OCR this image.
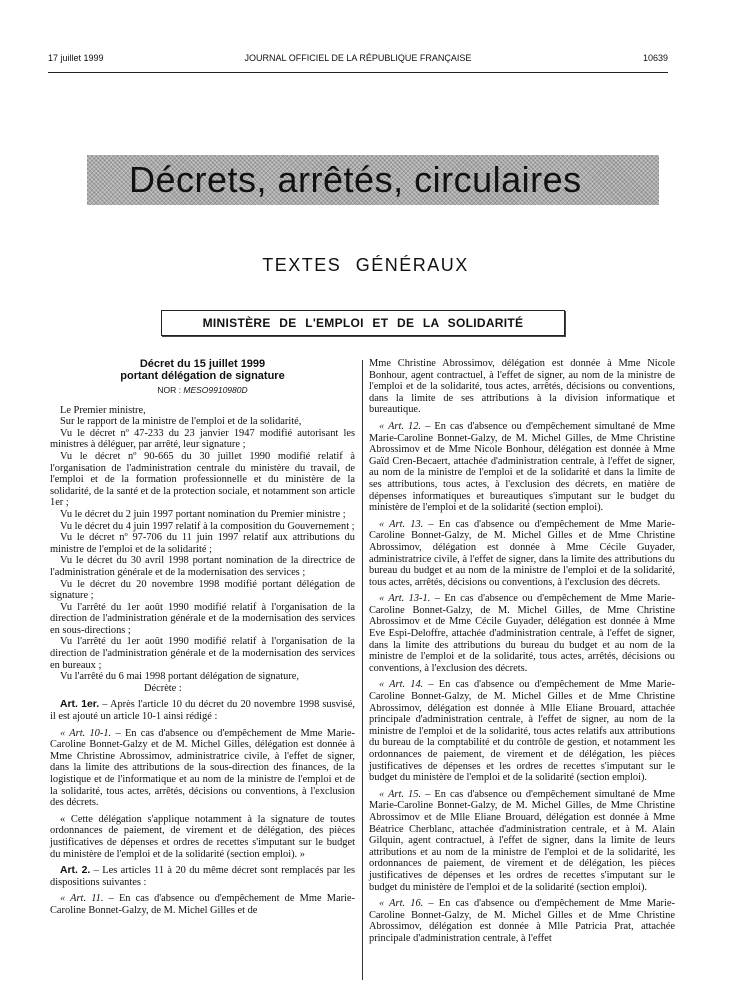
17 juillet 1999	JOURNAL OFFICIEL DE LA RÉPUBLIQUE FRANÇAISE	10639
Décrets, arrêtés, circulaires
TEXTES GÉNÉRAUX
MINISTÈRE DE L'EMPLOI ET DE LA SOLIDARITÉ
Décret du 15 juillet 1999
portant délégation de signature
NOR : MESO9910980D

Le Premier ministre,

Sur le rapport de la ministre de l'emploi et de la solidarité,

Vu le décret nº 47-233 du 23 janvier 1947 modifié autorisant les ministres à déléguer, par arrêté, leur signature ;

Vu le décret nº 90-665 du 30 juillet 1990 modifié relatif à l'organisation de l'administration centrale du ministère du travail, de l'emploi et de la formation professionnelle et du ministère de la solidarité, de la santé et de la protection sociale, et notamment son article 1er ;

Vu le décret du 2 juin 1997 portant nomination du Premier ministre ;

Vu le décret du 4 juin 1997 relatif à la composition du Gouvernement ;

Vu le décret nº 97-706 du 11 juin 1997 relatif aux attributions du ministre de l'emploi et de la solidarité ;

Vu le décret du 30 avril 1998 portant nomination de la directrice de l'administration générale et de la modernisation des services ;

Vu le décret du 20 novembre 1998 modifié portant délégation de signature ;

Vu l'arrêté du 1er août 1990 modifié relatif à l'organisation de la direction de l'administration générale et de la modernisation des services en sous-directions ;

Vu l'arrêté du 1er août 1990 modifié relatif à l'organisation de la direction de l'administration générale et de la modernisation des services en bureaux ;

Vu l'arrêté du 6 mai 1998 portant délégation de signature,

Décrète :

Art. 1er. – Après l'article 10 du décret du 20 novembre 1998 susvisé, il est ajouté un article 10-1 ainsi rédigé :

« Art. 10-1. – En cas d'absence ou d'empêchement de Mme Marie-Caroline Bonnet-Galzy et de M. Michel Gilles, délégation est donnée à Mme Christine Abrossimov, administratrice civile, à l'effet de signer, dans la limite des attributions de la sous-direction des finances, de la logistique et de l'informatique et au nom de la ministre de l'emploi et de la solidarité, tous actes, arrêtés, décisions ou conventions, à l'exclusion des décrets.

« Cette délégation s'applique notamment à la signature de toutes ordonnances de paiement, de virement et de délégation, des pièces justificatives de dépenses et ordres de recettes s'imputant sur le budget du ministère de l'emploi et de la solidarité (section emploi). »

Art. 2. – Les articles 11 à 20 du même décret sont remplacés par les dispositions suivantes :

« Art. 11. – En cas d'absence ou d'empêchement de Mme Marie-Caroline Bonnet-Galzy, de M. Michel Gilles et de

Mme Christine Abrossimov, délégation est donnée à Mme Nicole Bonhour, agent contractuel, à l'effet de signer, au nom de la ministre de l'emploi et de la solidarité, tous actes, arrêtés, décisions ou conventions, dans la limite de ses attributions à la division informatique et bureautique.

« Art. 12. – En cas d'absence ou d'empêchement simultané de Mme Marie-Caroline Bonnet-Galzy, de M. Michel Gilles, de Mme Christine Abrossimov et de Mme Nicole Bonhour, délégation est donnée à Mme Gaïd Cren-Becaert, attachée d'administration centrale, à l'effet de signer, au nom de la ministre de l'emploi et de la solidarité et dans la limite de ses attributions, tous actes, à l'exclusion des décrets, en matière de dépenses informatiques et bureautiques s'imputant sur le budget du ministère de l'emploi et de la solidarité (section emploi).

« Art. 13. – En cas d'absence ou d'empêchement de Mme Marie-Caroline Bonnet-Galzy, de M. Michel Gilles et de Mme Christine Abrossimov, délégation est donnée à Mme Cécile Guyader, administratrice civile, à l'effet de signer, dans la limite des attributions du bureau du budget et au nom de la ministre de l'emploi et de la solidarité, tous actes, arrêtés, décisions ou conventions, à l'exclusion des décrets.

« Art. 13-1. – En cas d'absence ou d'empêchement de Mme Marie-Caroline Bonnet-Galzy, de M. Michel Gilles, de Mme Christine Abrossimov et de Mme Cécile Guyader, délégation est donnée à Mme Eve Espi-Deloffre, attachée d'administration centrale, à l'effet de signer, dans la limite des attributions du bureau du budget et au nom de la ministre de l'emploi et de la solidarité, tous actes, arrêtés, décisions ou conventions, à l'exclusion des décrets.

« Art. 14. – En cas d'absence ou d'empêchement de Mme Marie-Caroline Bonnet-Galzy, de M. Michel Gilles et de Mme Christine Abrossimov, délégation est donnée à Mlle Eliane Brouard, attachée principale d'administration centrale, à l'effet de signer, au nom de la ministre de l'emploi et de la solidarité, tous actes relatifs aux attributions du bureau de la comptabilité et du contrôle de gestion, et notamment les ordonnances de paiement, de virement et de délégation, les pièces justificatives de dépenses et les ordres de recettes s'imputant sur le budget du ministère de l'emploi et de la solidarité (section emploi).

« Art. 15. – En cas d'absence ou d'empêchement simultané de Mme Marie-Caroline Bonnet-Galzy, de M. Michel Gilles, de Mme Christine Abrossimov et de Mlle Eliane Brouard, délégation est donnée à Mme Béatrice Cherblanc, attachée d'administration centrale, et à M. Alain Gilquin, agent contractuel, à l'effet de signer, dans la limite de leurs attributions et au nom de la ministre de l'emploi et de la solidarité, les ordonnances de paiement, de virement et de délégation, les pièces justificatives de dépenses et les ordres de recettes s'imputant sur le budget du ministère de l'emploi et de la solidarité (section emploi).

« Art. 16. – En cas d'absence ou d'empêchement de Mme Marie-Caroline Bonnet-Galzy, de M. Michel Gilles et de Mme Christine Abrossimov, délégation est donnée à Mlle Patricia Prat, attachée principale d'administration centrale, à l'effet
